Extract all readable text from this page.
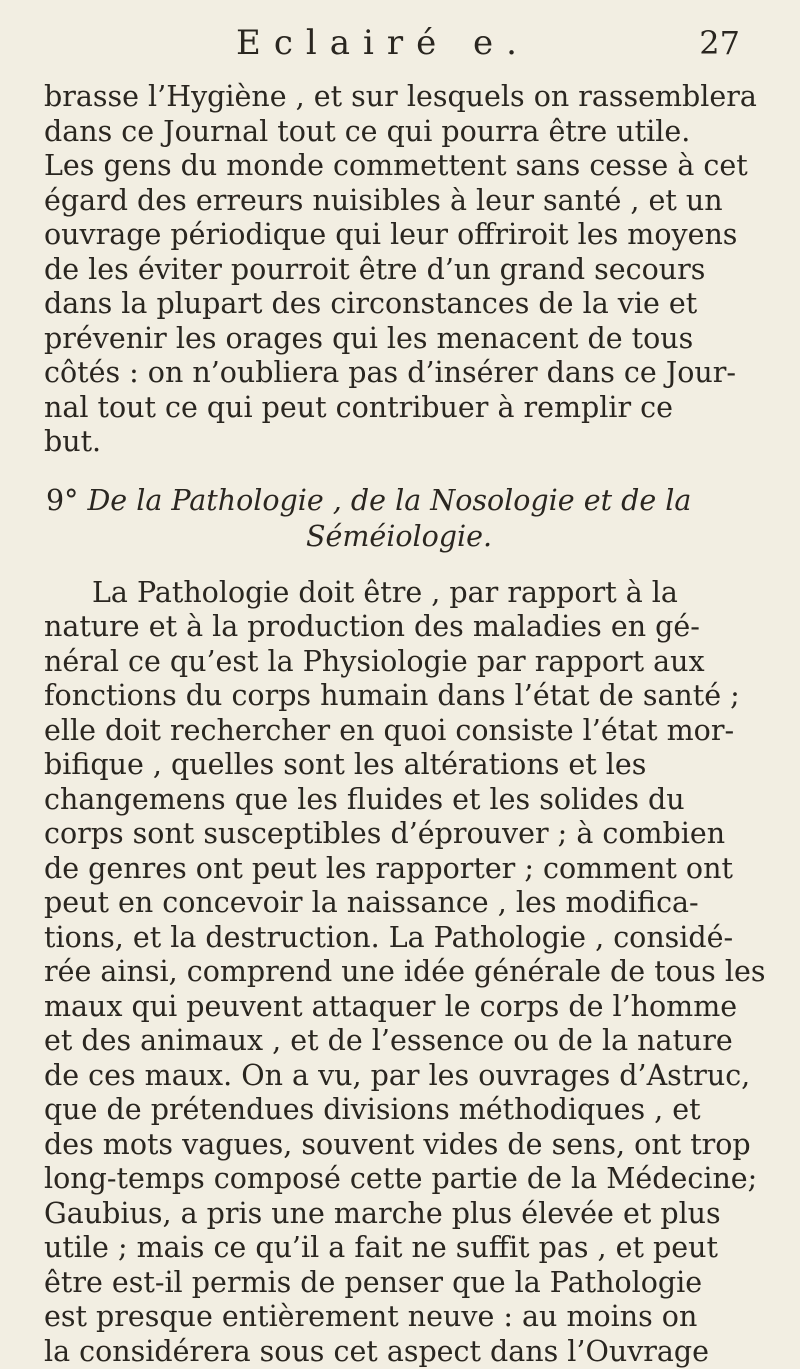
Eclairé e.	27
brasse l’Hygiène , et sur lesquels on rassemblera
dans ce Journal tout ce qui pourra être utile.
Les gens du monde commettent sans cesse à cet
égard des erreurs nuisibles à leur santé , et un
ouvrage périodique qui leur offriroit les moyens
de les éviter pourroit être d’un grand secours
dans la plupart des circonstances de la vie et
prévenir les orages qui les menacent de tous
côtés : on n’oubliera pas d’insérer dans ce Jour-
nal tout ce qui peut contribuer à remplir ce
but.
9° De la Pathologie , de la Nosologie et de la
Séméiologie.
La Pathologie doit être , par rapport à la
nature et à la production des maladies en gé-
néral ce qu’est la Physiologie par rapport aux
fonctions du corps humain dans l’état de santé ;
elle doit rechercher en quoi consiste l’état mor-
bifique , quelles sont les altérations et les
changemens que les fluides et les solides du
corps sont susceptibles d’éprouver ; à combien
de genres ont peut les rapporter ; comment ont
peut en concevoir la naissance , les modifica-
tions, et la destruction. La Pathologie , considé-
rée ainsi, comprend une idée générale de tous les
maux qui peuvent attaquer le corps de l’homme
et des animaux , et de l’essence ou de la nature
de ces maux. On a vu, par les ouvrages d’Astruc,
que de prétendues divisions méthodiques , et
des mots vagues, souvent vides de sens, ont trop
long-temps composé cette partie de la Médecine;
Gaubius, a pris une marche plus élevée et plus
utile ; mais ce qu’il a fait ne suffit pas , et peut
être est-il permis de penser que la Pathologie
est presque entièrement neuve : au moins on
la considérera sous cet aspect dans l’Ouvrage
